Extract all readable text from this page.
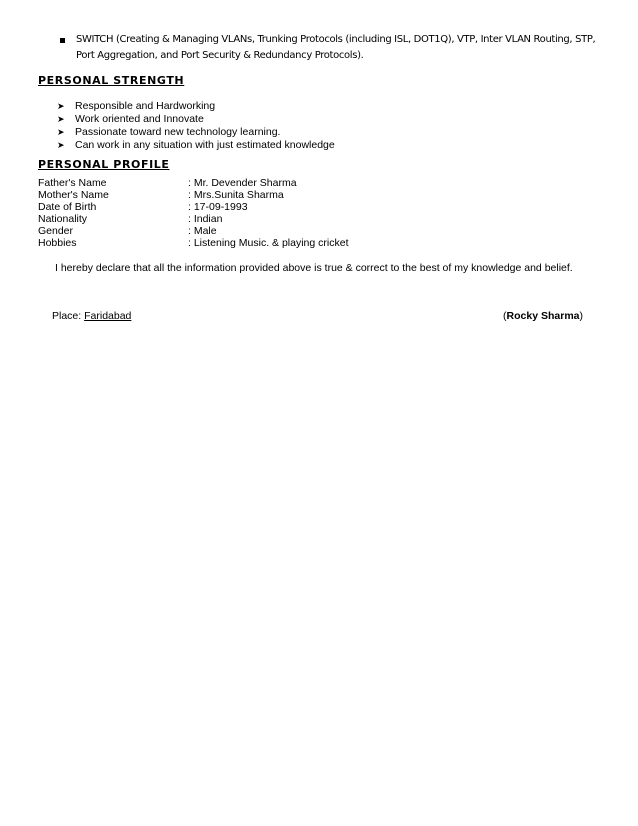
SWITCH (Creating & Managing VLANs, Trunking Protocols (including ISL, DOT1Q), VTP, Inter VLAN Routing, STP, Port Aggregation, and Port Security & Redundancy Protocols).
PERSONAL STRENGTH
➤ Responsible and Hardworking
➤ Work oriented and Innovate
➤ Passionate toward new technology learning.
➤ Can work in any situation with just estimated knowledge
PERSONAL PROFILE
Father's Name	: Mr. Devender Sharma
Mother's Name	: Mrs.Sunita Sharma
Date of Birth	: 17-09-1993
Nationality	: Indian
Gender	: Male
Hobbies	: Listening Music. & playing cricket
I hereby declare that all the information provided above is true & correct to the best of my knowledge and belief.
Place: Faridabad	(Rocky Sharma)
